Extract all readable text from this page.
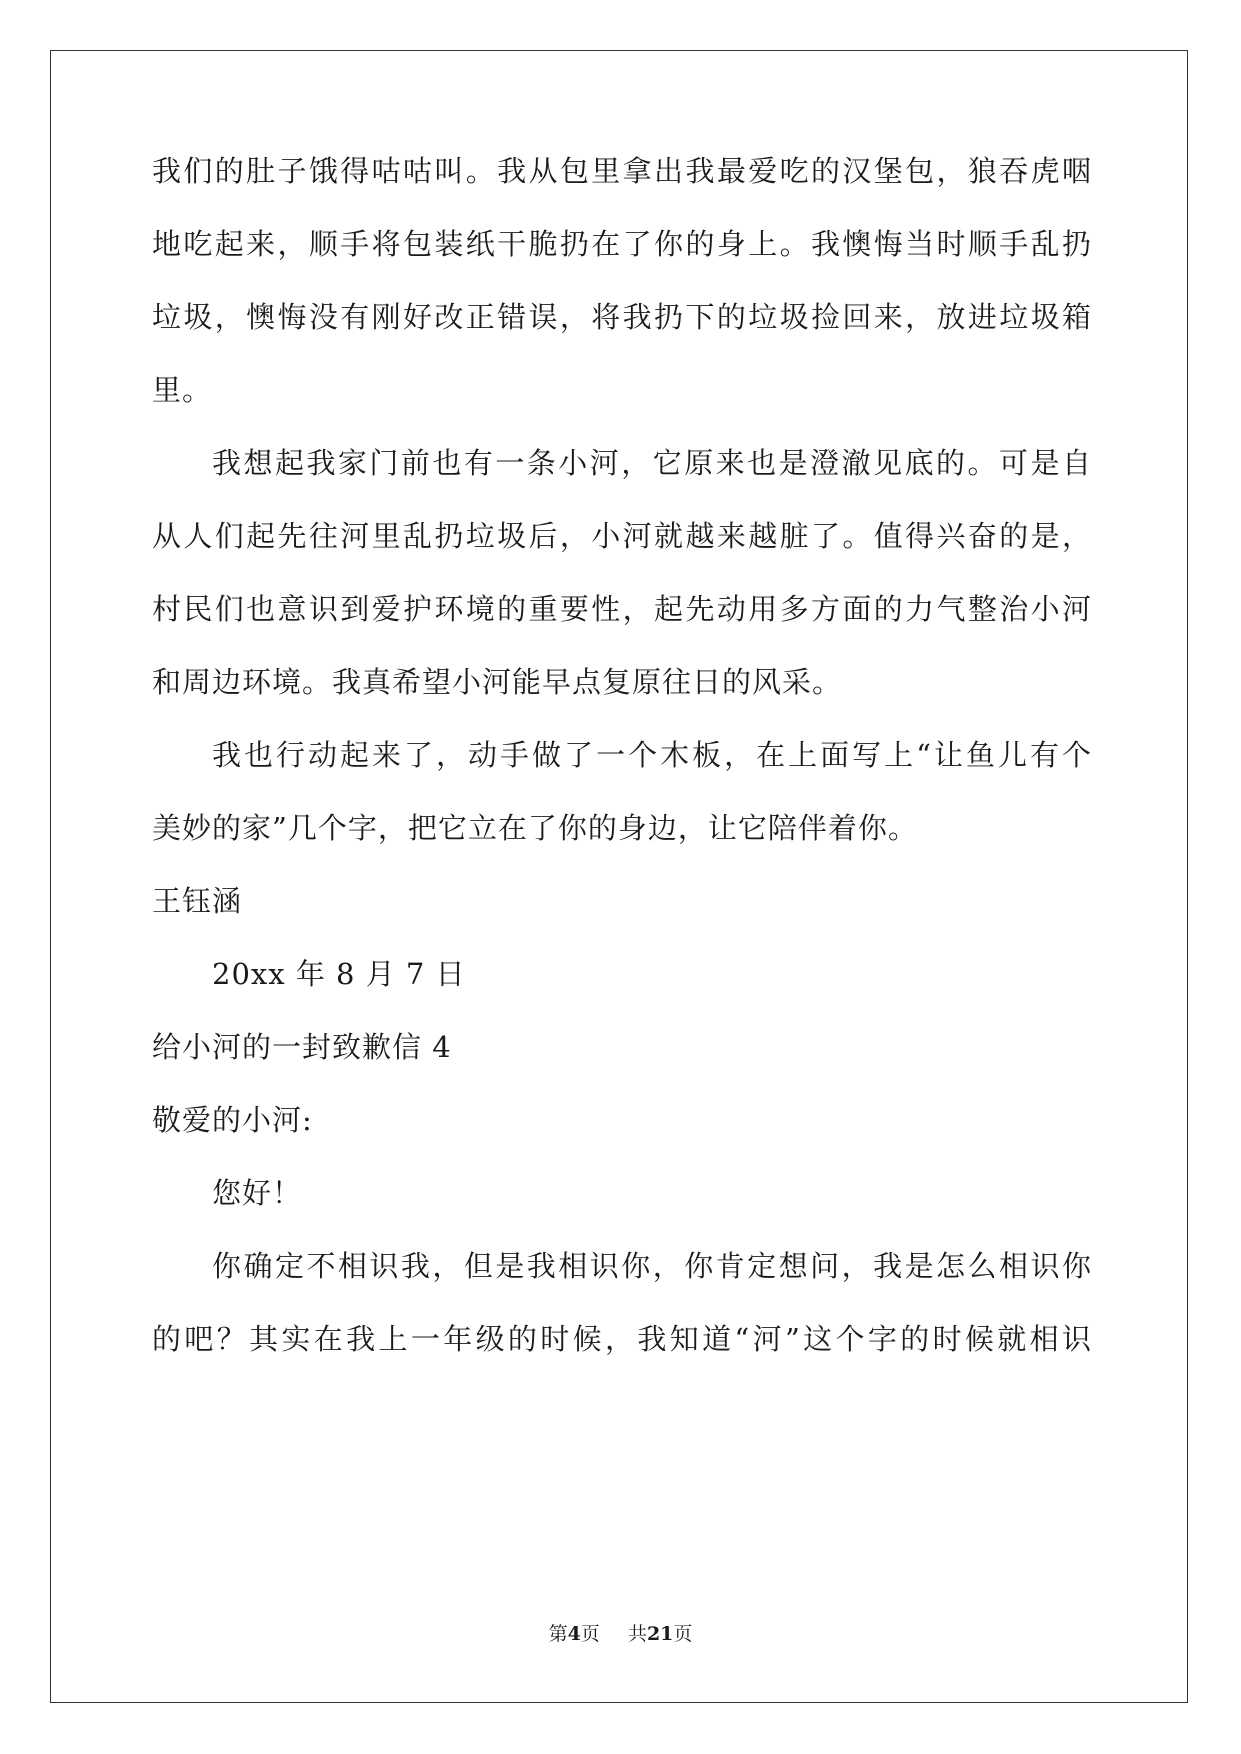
我们的肚子饿得咕咕叫。我从包里拿出我最爱吃的汉堡包，狼吞虎咽
地吃起来，顺手将包装纸干脆扔在了你的身上。我懊悔当时顺手乱扔
垃圾，懊悔没有刚好改正错误，将我扔下的垃圾捡回来，放进垃圾箱
里。
我想起我家门前也有一条小河，它原来也是澄澈见底的。可是自
从人们起先往河里乱扔垃圾后，小河就越来越脏了。值得兴奋的是，
村民们也意识到爱护环境的重要性，起先动用多方面的力气整治小河
和周边环境。我真希望小河能早点复原往日的风采。
我也行动起来了，动手做了一个木板，在上面写上“让鱼儿有个
美妙的家”几个字，把它立在了你的身边，让它陪伴着你。
王钰涵
20xx 年 8 月 7 日
给小河的一封致歉信 4
敬爱的小河:
您好！
你确定不相识我，但是我相识你，你肯定想问，我是怎么相识你
的吧？其实在我上一年级的时候，我知道“河”这个字的时候就相识
第4页 共21页
